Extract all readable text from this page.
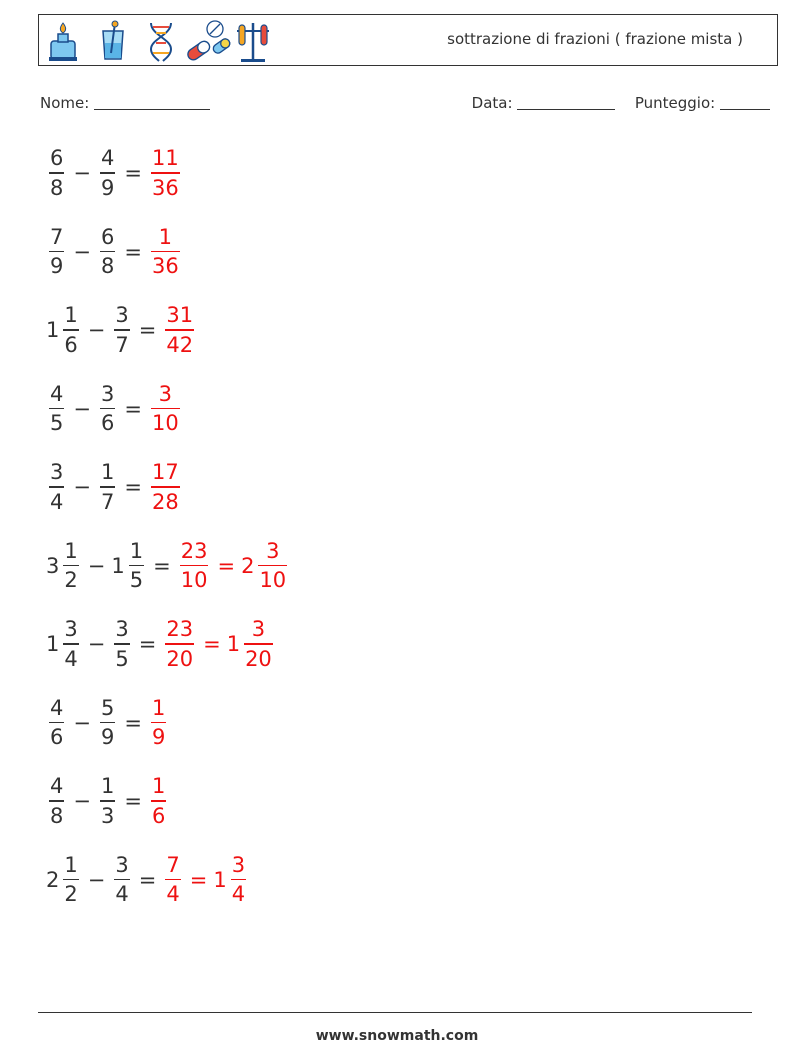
sottrazione di frazioni ( frazione mista )
Nome:	Data:	Punteggio:
$\frac{6}{8} - \frac{4}{9} = \frac{11}{36}$
$\frac{7}{9} - \frac{6}{8} = \frac{1}{36}$
$1 \frac{1}{6} - \frac{3}{7} = \frac{31}{42}$
$\frac{4}{5} - \frac{3}{6} = \frac{3}{10}$
$\frac{3}{4} - \frac{1}{7} = \frac{17}{28}$
$3 \frac{1}{2} - 1 \frac{1}{5} = \frac{23}{10} = 2 \frac{3}{10}$
$1 \frac{3}{4} - \frac{3}{5} = \frac{23}{20} = 1 \frac{3}{20}$
$\frac{4}{6} - \frac{5}{9} = \frac{1}{9}$
$\frac{4}{8} - \frac{1}{3} = \frac{1}{6}$
$2 \frac{1}{2} - \frac{3}{4} = \frac{7}{4} = 1 \frac{3}{4}$
www.snowmath.com
